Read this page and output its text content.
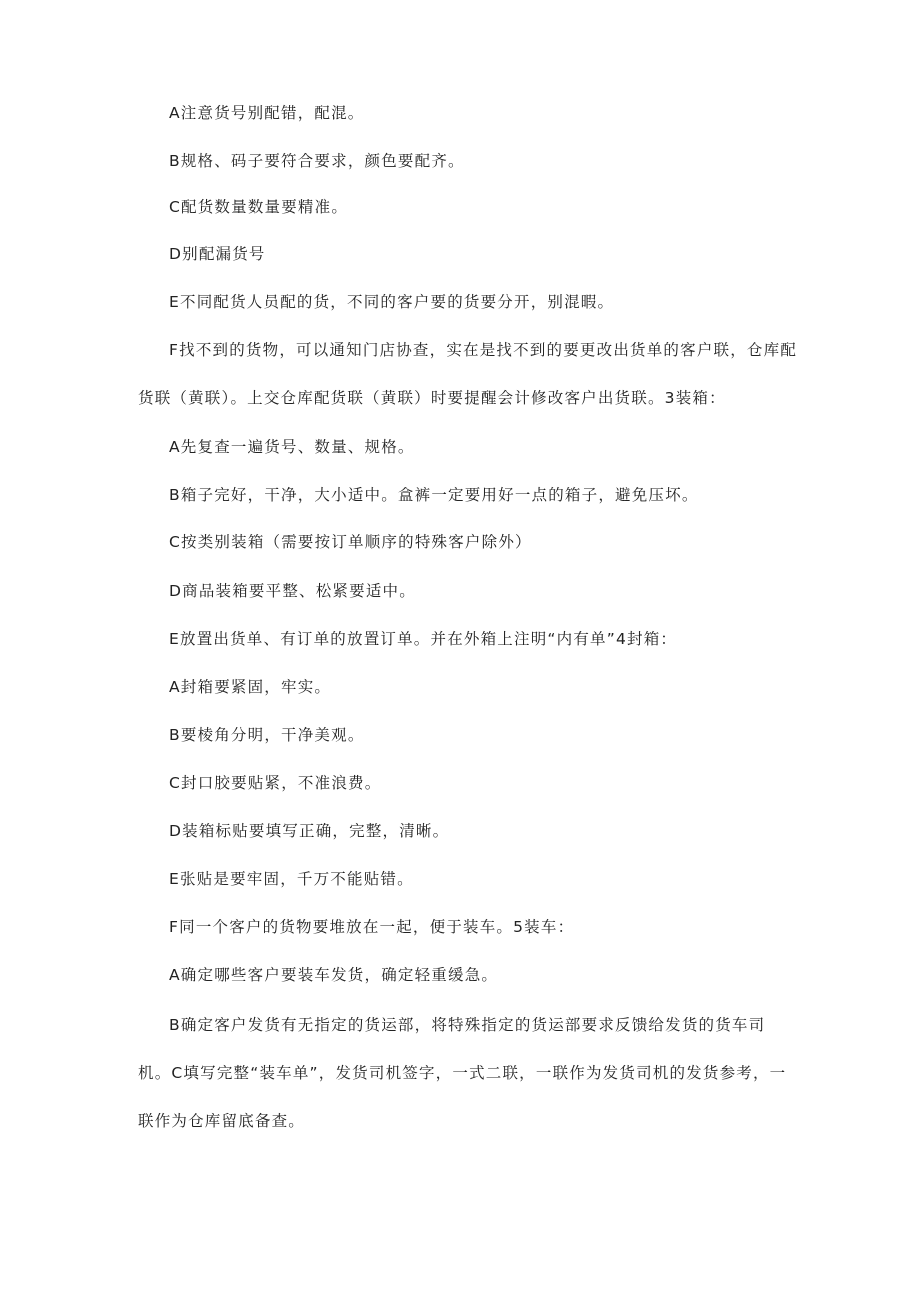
A注意货号别配错，配混。

B规格、码子要符合要求，颜色要配齐。

C配货数量数量要精准。

D别配漏货号

E不同配货人员配的货，不同的客户要的货要分开，别混暇。

F找不到的货物，可以通知门店协查，实在是找不到的要更改出货单的客户联，仓库配货联（黄联）。上交仓库配货联（黄联）时要提醒会计修改客户出货联。3装箱：

A先复查一遍货号、数量、规格。

B箱子完好，干净，大小适中。盒裤一定要用好一点的箱子，避免压坏。

C按类别装箱（需要按订单顺序的特殊客户除外）

D商品装箱要平整、松紧要适中。

E放置出货单、有订单的放置订单。并在外箱上注明“内有单”4封箱：

A封箱要紧固，牢实。

B要棱角分明，干净美观。

C封口胶要贴紧，不准浪费。

D装箱标贴要填写正确，完整，清晰。

E张贴是要牢固，千万不能贴错。

F同一个客户的货物要堆放在一起，便于装车。5装车：

A确定哪些客户要装车发货，确定轻重缓急。

B确定客户发货有无指定的货运部，将特殊指定的货运部要求反馈给发货的货车司机。C填写完整“装车单”，发货司机签字，一式二联，一联作为发货司机的发货参考，一联作为仓库留底备查。
